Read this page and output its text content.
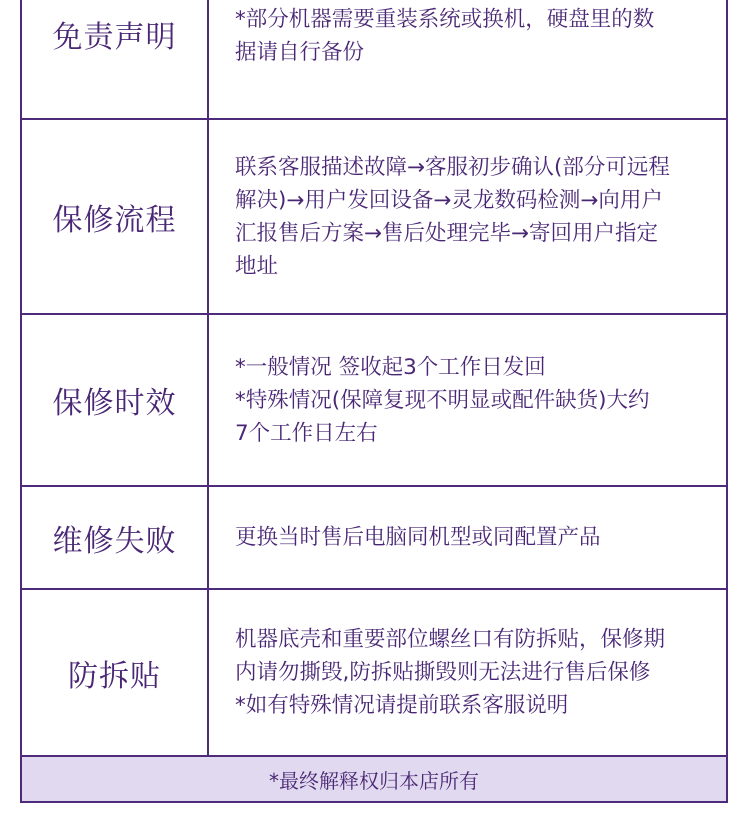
免责声明
*部分机器需要重装系统或换机，硬盘里的数
据请自行备份
保修流程
联系客服描述故障→客服初步确认(部分可远程
解决)→用户发回设备→灵龙数码检测→向用户
汇报售后方案→售后处理完毕→寄回用户指定
地址
保修时效
*一般情况 签收起3个工作日发回
*特殊情况(保障复现不明显或配件缺货)大约
7个工作日左右
维修失败	更换当时售后电脑同机型或同配置产品
防拆贴
机器底壳和重要部位螺丝口有防拆贴，保修期
内请勿撕毁,防拆贴撕毁则无法进行售后保修
*如有特殊情况请提前联系客服说明
*最终解释权归本店所有
